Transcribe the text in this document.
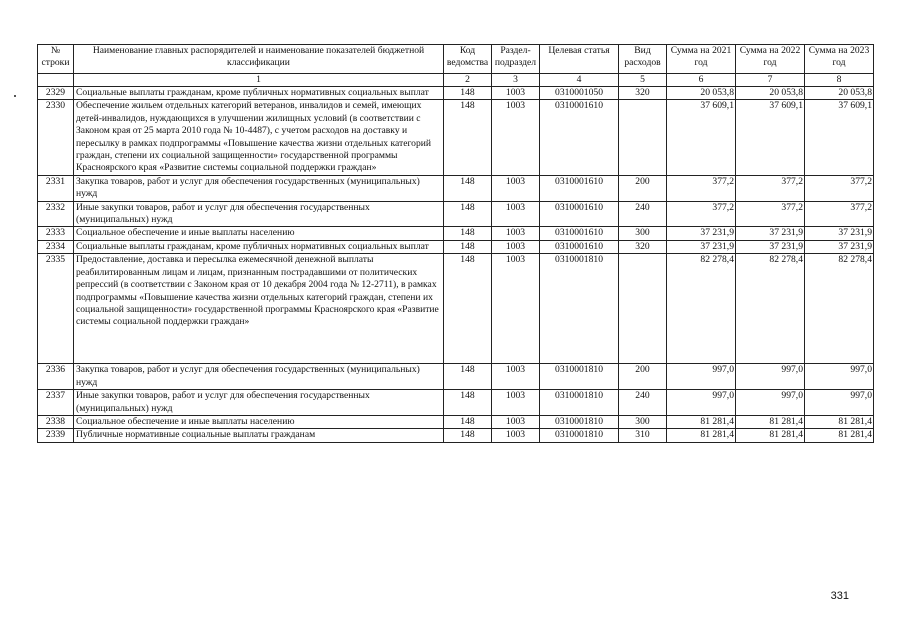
№ строки	Наименование главных распорядителей и наименование показателей бюджетной классификации	Код ведомства	Раздел-подраздел	Целевая статья	Вид расходов	Сумма на 2021 год	Сумма на 2022 год	Сумма на 2023 год
	1	2	3	4	5	6	7	8
2329	Социальные выплаты гражданам, кроме публичных нормативных социальных выплат	148	1003	0310001050	320	20 053,8	20 053,8	20 053,8
2330	Обеспечение жильем отдельных категорий ветеранов, инвалидов и семей, имеющих детей-инвалидов, нуждающихся в улучшении жилищных условий (в соответствии с Законом края от 25 марта 2010 года № 10-4487), с учетом расходов на доставку и пересылку в рамках подпрограммы «Повышение качества жизни отдельных категорий граждан, степени их социальной защищенности» государственной программы Красноярского края «Развитие системы социальной поддержки граждан»	148	1003	0310001610		37 609,1	37 609,1	37 609,1
2331	Закупка товаров, работ и услуг для обеспечения государственных (муниципальных) нужд	148	1003	0310001610	200	377,2	377,2	377,2
2332	Иные закупки товаров, работ и услуг для обеспечения государственных (муниципальных) нужд	148	1003	0310001610	240	377,2	377,2	377,2
2333	Социальное обеспечение и иные выплаты населению	148	1003	0310001610	300	37 231,9	37 231,9	37 231,9
2334	Социальные выплаты гражданам, кроме публичных нормативных социальных выплат	148	1003	0310001610	320	37 231,9	37 231,9	37 231,9
2335	Предоставление, доставка и пересылка ежемесячной денежной выплаты реабилитированным лицам и лицам, признанным пострадавшими от политических репрессий (в соответствии с Законом края от 10 декабря 2004 года № 12-2711), в рамках подпрограммы «Повышение качества жизни отдельных категорий граждан, степени их социальной защищенности» государственной программы Красноярского края «Развитие системы социальной поддержки граждан»	148	1003	0310001810		82 278,4	82 278,4	82 278,4
2336	Закупка товаров, работ и услуг для обеспечения государственных (муниципальных) нужд	148	1003	0310001810	200	997,0	997,0	997,0
2337	Иные закупки товаров, работ и услуг для обеспечения государственных (муниципальных) нужд	148	1003	0310001810	240	997,0	997,0	997,0
2338	Социальное обеспечение и иные выплаты населению	148	1003	0310001810	300	81 281,4	81 281,4	81 281,4
2339	Публичные нормативные социальные выплаты гражданам	148	1003	0310001810	310	81 281,4	81 281,4	81 281,4
331
